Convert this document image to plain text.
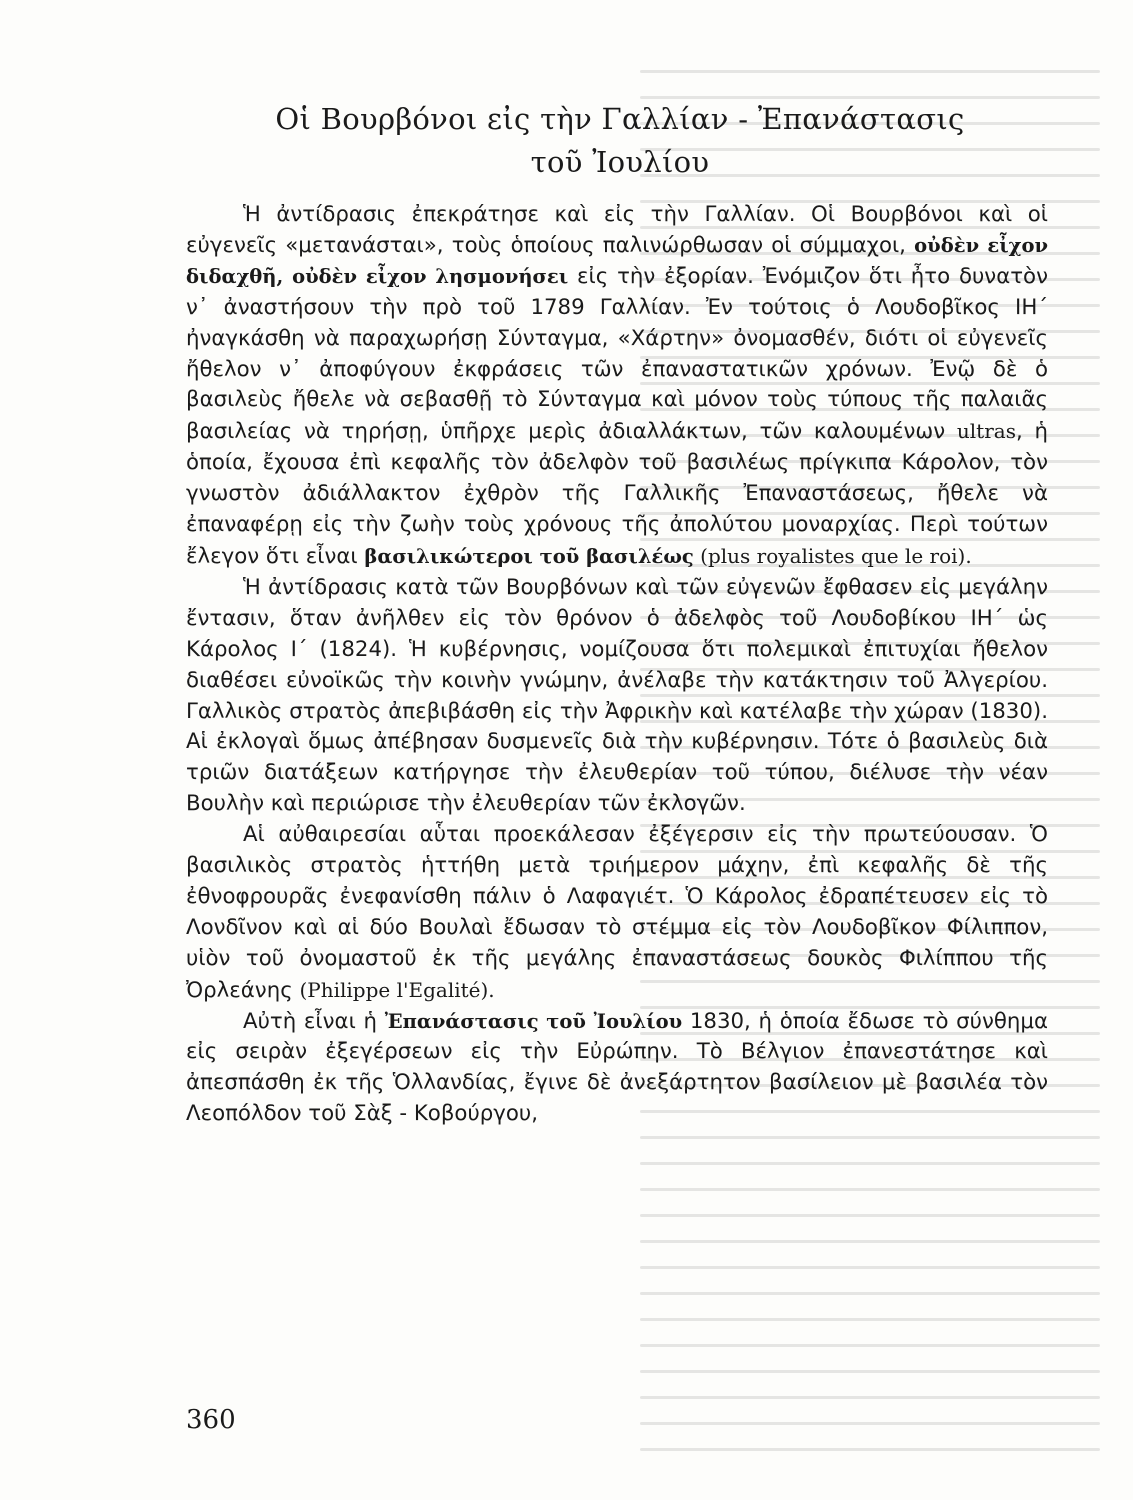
Οἱ Βουρβόνοι εἰς τὴν Γαλλίαν - Ἐπανάστασις
τοῦ Ἰουλίου

Ἡ ἀντίδρασις ἐπεκράτησε καὶ εἰς τὴν Γαλλίαν. Οἱ Βουρβόνοι καὶ οἱ εὐγενεῖς «μετανάσται», τοὺς ὁποίους παλινώρθωσαν οἱ σύμμαχοι, οὐδὲν εἶχον διδαχθῆ, οὐδὲν εἶχον λησμονήσει εἰς τὴν ἐξορίαν. Ἐνόμιζον ὅτι ἦτο δυνατὸν ν᾿ ἀναστήσουν τὴν πρὸ τοῦ 1789 Γαλλίαν. Ἐν τούτοις ὁ Λουδοβῖκος ΙΗ´ ἠναγκάσθη νὰ παραχωρήσῃ Σύνταγμα, «Χάρτην» ὀνομασθέν, διότι οἱ εὐγενεῖς ἤθελον ν᾿ ἀποφύγουν ἐκφράσεις τῶν ἐπαναστατικῶν χρόνων. Ἐνῷ δὲ ὁ βασιλεὺς ἤθελε νὰ σεβασθῇ τὸ Σύνταγμα καὶ μόνον τοὺς τύπους τῆς παλαιᾶς βασιλείας νὰ τηρήσῃ, ὑπῆρχε μερὶς ἀδιαλλάκτων, τῶν καλουμένων ultras, ἡ ὁποία, ἔχουσα ἐπὶ κεφαλῆς τὸν ἀδελφὸν τοῦ βασιλέως πρίγκιπα Κάρολον, τὸν γνωστὸν ἀδιάλλακτον ἐχθρὸν τῆς Γαλλικῆς Ἐπαναστάσεως, ἤθελε νὰ ἐπαναφέρῃ εἰς τὴν ζωὴν τοὺς χρόνους τῆς ἀπολύτου μοναρχίας. Περὶ τούτων ἔλεγον ὅτι εἶναι βασιλικώτεροι τοῦ βασιλέως (plus royalistes que le roi).

Ἡ ἀντίδρασις κατὰ τῶν Βουρβόνων καὶ τῶν εὐγενῶν ἔφθασεν εἰς μεγάλην ἔντασιν, ὅταν ἀνῆλθεν εἰς τὸν θρόνον ὁ ἀδελφὸς τοῦ Λουδοβίκου ΙΗ´ ὡς Κάρολος Ι´ (1824). Ἡ κυβέρνησις, νομίζουσα ὅτι πολεμικαὶ ἐπιτυχίαι ἤθελον διαθέσει εὐνοϊκῶς τὴν κοινὴν γνώμην, ἀνέλαβε τὴν κατάκτησιν τοῦ Ἀλγερίου. Γαλλικὸς στρατὸς ἀπεβιβάσθη εἰς τὴν Ἀφρικὴν καὶ κατέλαβε τὴν χώραν (1830). Αἱ ἐκλογαὶ ὅμως ἀπέβησαν δυσμενεῖς διὰ τὴν κυβέρνησιν. Τότε ὁ βασιλεὺς διὰ τριῶν διατάξεων κατήργησε τὴν ἐλευθερίαν τοῦ τύπου, διέλυσε τὴν νέαν Βουλὴν καὶ περιώρισε τὴν ἐλευθερίαν τῶν ἐκλογῶν.

Αἱ αὐθαιρεσίαι αὗται προεκάλεσαν ἐξέγερσιν εἰς τὴν πρωτεύουσαν. Ὁ βασιλικὸς στρατὸς ἡττήθη μετὰ τριήμερον μάχην, ἐπὶ κεφαλῆς δὲ τῆς ἐθνοφρουρᾶς ἐνεφανίσθη πάλιν ὁ Λαφαγιέτ. Ὁ Κάρολος ἐδραπέτευσεν εἰς τὸ Λονδῖνον καὶ αἱ δύο Βουλαὶ ἔδωσαν τὸ στέμμα εἰς τὸν Λουδοβῖκον Φίλιππον, υἱὸν τοῦ ὀνομαστοῦ ἐκ τῆς μεγάλης ἐπαναστάσεως δουκὸς Φιλίππου τῆς Ὀρλεάνης (Philippe l'Egalité).

Αὐτὴ εἶναι ἡ Ἐπανάστασις τοῦ Ἰουλίου 1830, ἡ ὁποία ἔδωσε τὸ σύνθημα εἰς σειρὰν ἐξεγέρσεων εἰς τὴν Εὐρώπην. Τὸ Βέλγιον ἐπανεστάτησε καὶ ἀπεσπάσθη ἐκ τῆς Ὁλλανδίας, ἔγινε δὲ ἀνεξάρτητον βασίλειον μὲ βασιλέα τὸν Λεοπόλδον τοῦ Σὰξ - Κοβούργου,

360
